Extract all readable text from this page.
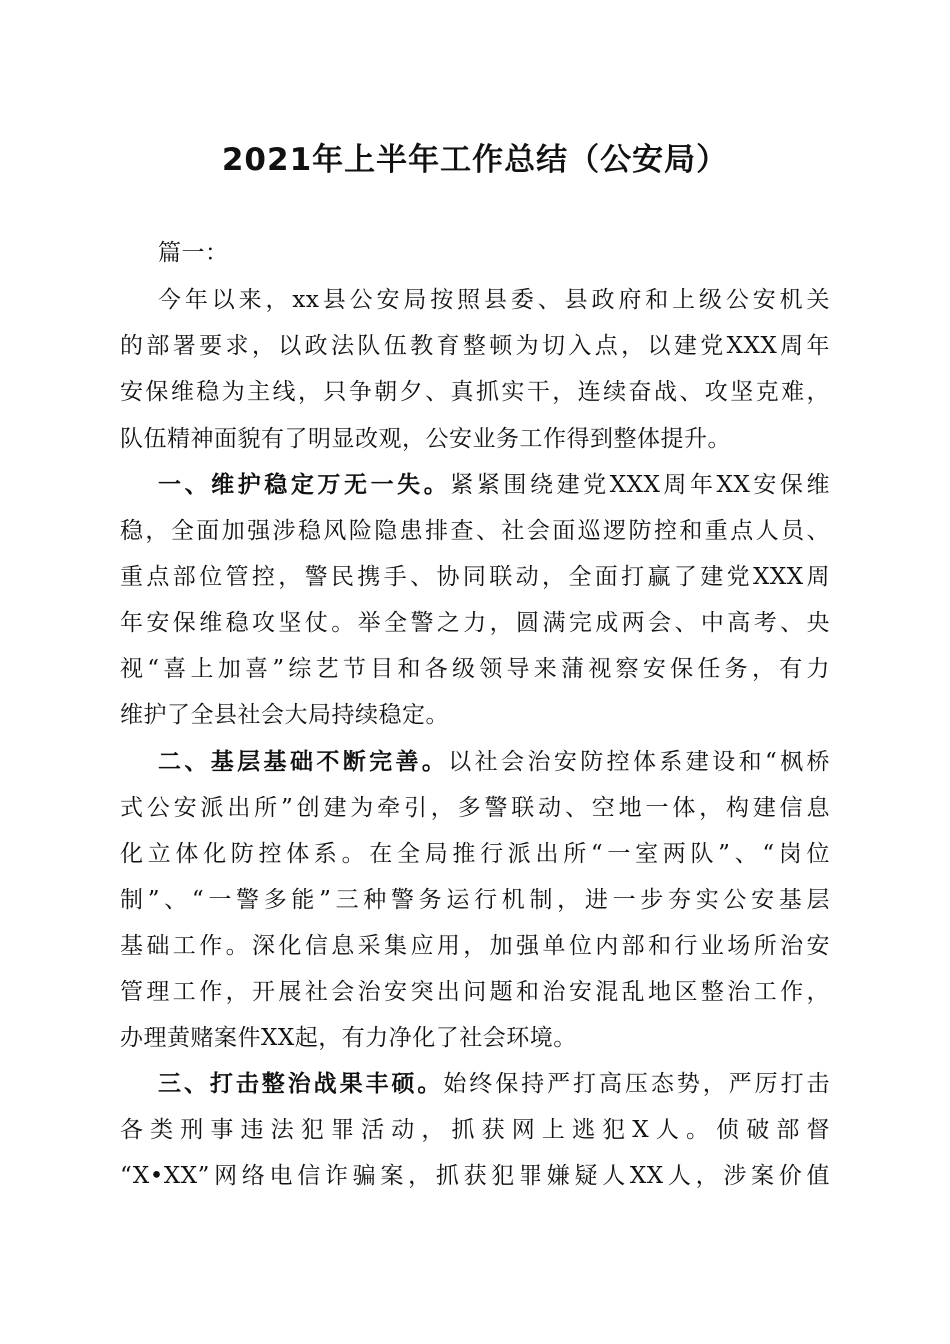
2021年上半年工作总结（公安局）
篇一：
今年以来，xx县公安局按照县委、县政府和上级公安机关
的部署要求，以政法队伍教育整顿为切入点，以建党XXX周年
安保维稳为主线，只争朝夕、真抓实干，连续奋战、攻坚克难，
队伍精神面貌有了明显改观，公安业务工作得到整体提升。
一、维护稳定万无一失。紧紧围绕建党XXX周年XX安保维
稳，全面加强涉稳风险隐患排查、社会面巡逻防控和重点人员、
重点部位管控，警民携手、协同联动，全面打赢了建党XXX周
年安保维稳攻坚仗。举全警之力，圆满完成两会、中高考、央
视“喜上加喜”综艺节目和各级领导来蒲视察安保任务，有力
维护了全县社会大局持续稳定。
二、基层基础不断完善。以社会治安防控体系建设和“枫桥
式公安派出所”创建为牵引，多警联动、空地一体，构建信息
化立体化防控体系。在全局推行派出所“一室两队”、“岗位
制”、“一警多能”三种警务运行机制，进一步夯实公安基层
基础工作。深化信息采集应用，加强单位内部和行业场所治安
管理工作，开展社会治安突出问题和治安混乱地区整治工作，
办理黄赌案件XX起，有力净化了社会环境。
三、打击整治战果丰硕。始终保持严打高压态势，严厉打击
各类刑事违法犯罪活动，抓获网上逃犯X人。侦破部督
“X•XX”网络电信诈骗案，抓获犯罪嫌疑人XX人，涉案价值
